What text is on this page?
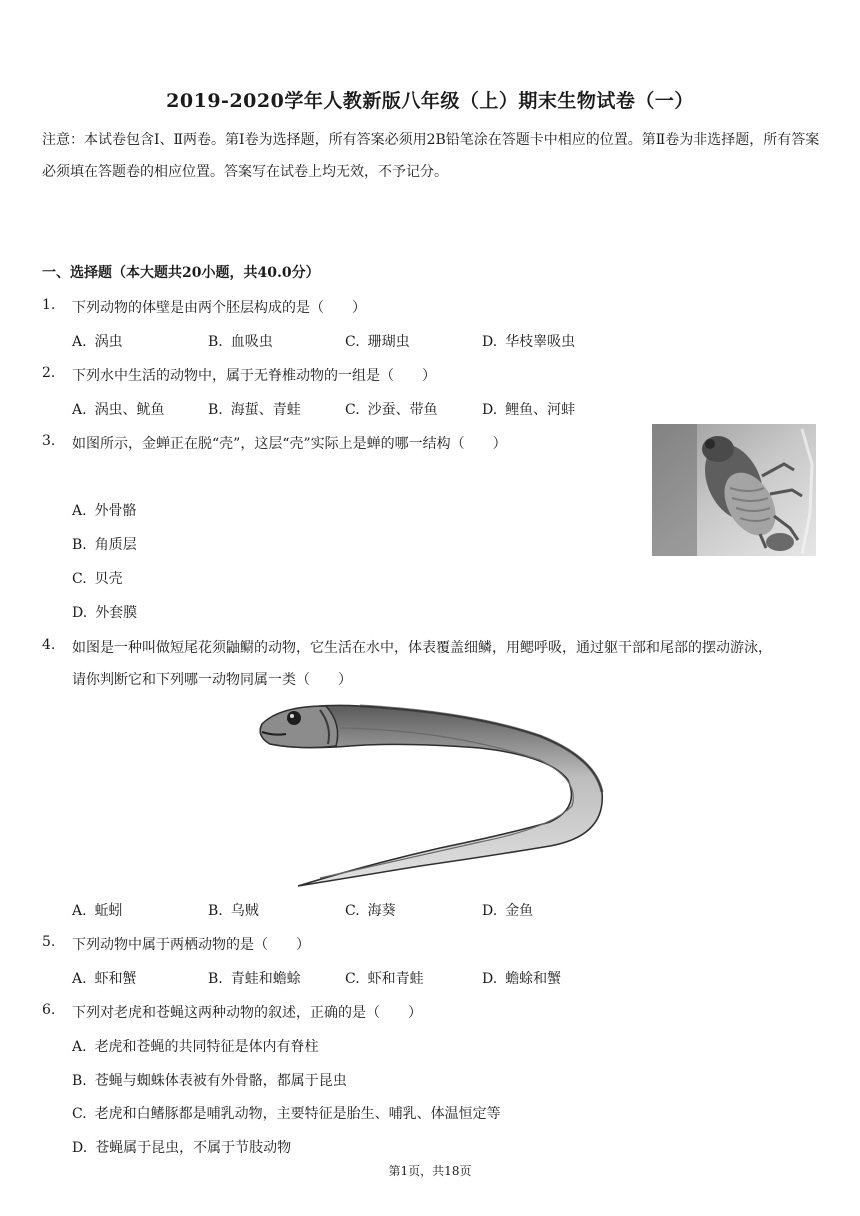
2019-2020学年人教新版八年级（上）期末生物试卷（一）
注意：本试卷包含Ⅰ、Ⅱ两卷。第Ⅰ卷为选择题，所有答案必须用2B铅笔涂在答题卡中相应的位置。第Ⅱ卷为非选择题，所有答案必须填在答题卷的相应位置。答案写在试卷上均无效，不予记分。
一、选择题（本大题共20小题，共40.0分）
1. 下列动物的体壁是由两个胚层构成的是（　　）
A. 涡虫	B. 血吸虫	C. 珊瑚虫	D. 华枝睾吸虫
2. 下列水中生活的动物中，属于无脊椎动物的一组是（　　）
A. 涡虫、鱿鱼	B. 海蜇、青蛙	C. 沙蚕、带鱼	D. 鲤鱼、河蚌
3. 如图所示，金蝉正在脱“壳”，这层“壳”实际上是蝉的哪一结构（　　）
A. 外骨骼
B. 角质层
C. 贝壳
D. 外套膜
4. 如图是一种叫做短尾花须鼬鳚的动物，它生活在水中，体表覆盖细鳞，用鳃呼吸，通过躯干部和尾部的摆动游泳，
请你判断它和下列哪一动物同属一类（　　）
A. 蚯蚓	B. 乌贼	C. 海葵	D. 金鱼
5. 下列动物中属于两栖动物的是（　　）
A. 虾和蟹	B. 青蛙和蟾蜍	C. 虾和青蛙	D. 蟾蜍和蟹
6. 下列对老虎和苍蝇这两种动物的叙述，正确的是（　　）
A. 老虎和苍蝇的共同特征是体内有脊柱
B. 苍蝇与蜘蛛体表被有外骨骼，都属于昆虫
C. 老虎和白鳍豚都是哺乳动物，主要特征是胎生、哺乳、体温恒定等
D. 苍蝇属于昆虫，不属于节肢动物
第1页，共18页
